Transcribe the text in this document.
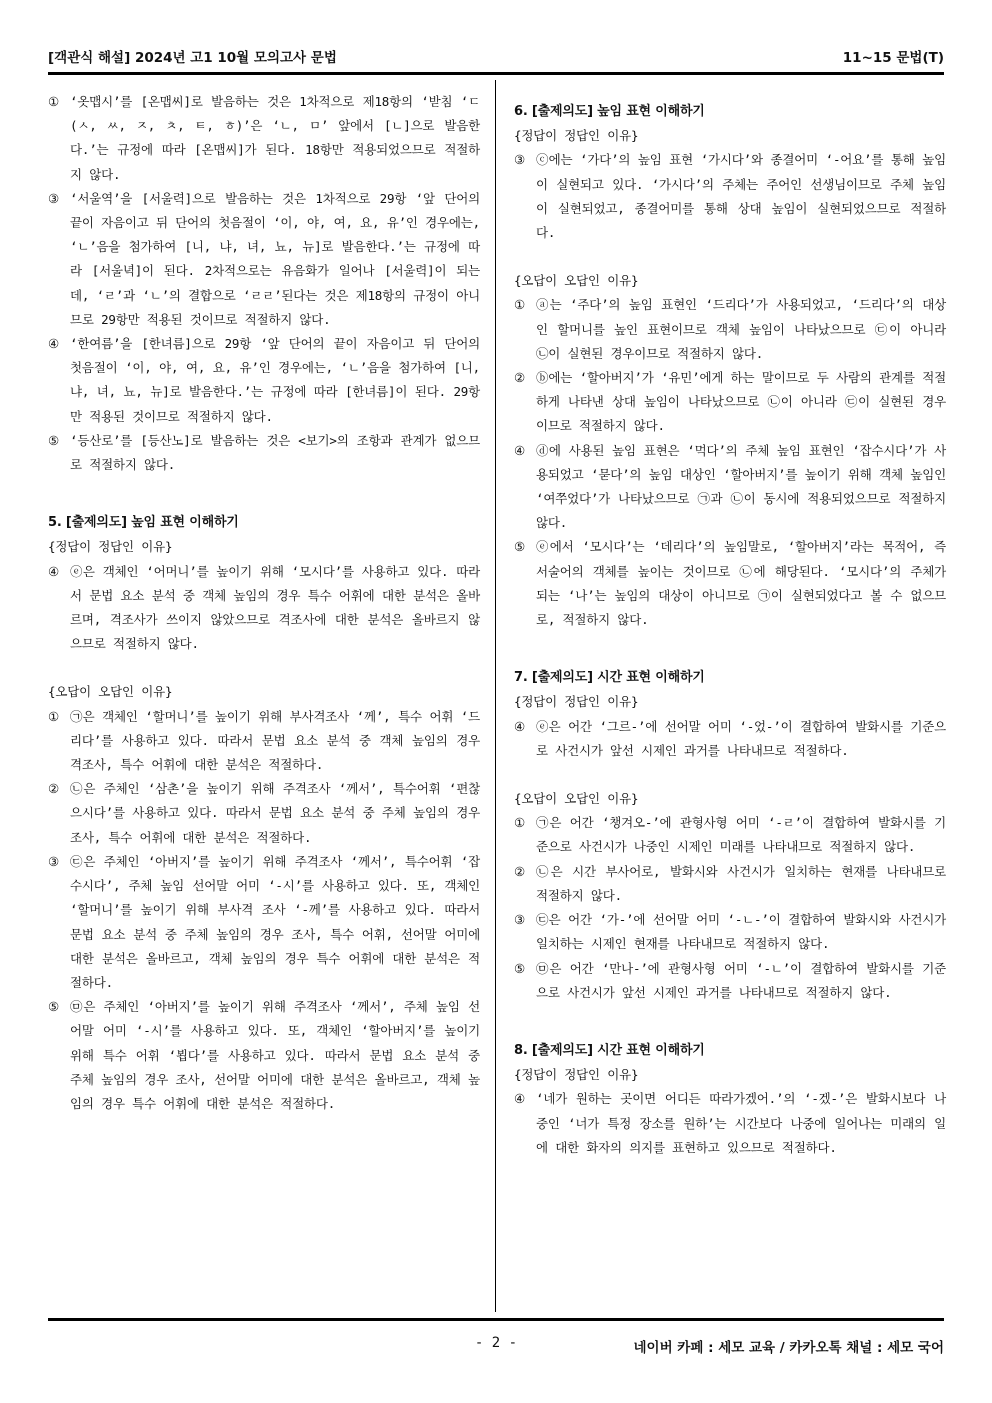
[객관식 해설] 2024년 고1 10월 모의고사 문법	11~15 문법(T)
① ‘옷맵시’를 [온맵씨]로 발음하는 것은 1차적으로 제18항의 ‘받침 ‘ㄷ(ㅅ, ㅆ, ㅈ, ㅊ, ㅌ, ㅎ)’은 ‘ㄴ, ㅁ’ 앞에서 [ㄴ]으로 발음한다.’는 규정에 따라 [온맵씨]가 된다. 18항만 적용되었으므로 적절하지 않다.
③ ‘서울역’을 [서울력]으로 발음하는 것은 1차적으로 29항 ‘앞 단어의 끝이 자음이고 뒤 단어의 첫음절이 ‘이, 야, 여, 요, 유’인 경우에는, ‘ㄴ’음을 첨가하여 [니, 냐, 녀, 뇨, 뉴]로 발음한다.’는 규정에 따라 [서울녁]이 된다. 2차적으로는 유음화가 일어나 [서울력]이 되는데, ‘ㄹ’과 ‘ㄴ’의 결합으로 ‘ㄹㄹ’된다는 것은 제18항의 규정이 아니므로 29항만 적용된 것이므로 적절하지 않다.
④ ‘한여름’을 [한녀름]으로 29항 ‘앞 단어의 끝이 자음이고 뒤 단어의 첫음절이 ‘이, 야, 여, 요, 유’인 경우에는, ‘ㄴ’음을 첨가하여 [니, 냐, 녀, 뇨, 뉴]로 발음한다.’는 규정에 따라 [한녀름]이 된다. 29항만 적용된 것이므로 적절하지 않다.
⑤ ‘등산로’를 [등산노]로 발음하는 것은 <보기>의 조항과 관계가 없으므로 적절하지 않다.
5. [출제의도] 높임 표현 이해하기
{정답이 정답인 이유}
④ ⓔ은 객체인 ‘어머니’를 높이기 위해 ‘모시다’를 사용하고 있다. 따라서 문법 요소 분석 중 객체 높임의 경우 특수 어휘에 대한 분석은 올바르며, 격조사가 쓰이지 않았으므로 격조사에 대한 분석은 올바르지 않으므로 적절하지 않다.
{오답이 오답인 이유}
① ㉠은 객체인 ‘할머니’를 높이기 위해 부사격조사 ‘께’, 특수 어휘 ‘드리다’를 사용하고 있다. 따라서 문법 요소 분석 중 객체 높임의 경우 격조사, 특수 어휘에 대한 분석은 적절하다.
② ㉡은 주체인 ‘삼촌’을 높이기 위해 주격조사 ‘께서’, 특수어휘 ‘편찮으시다’를 사용하고 있다. 따라서 문법 요소 분석 중 주체 높임의 경우 조사, 특수 어휘에 대한 분석은 적절하다.
③ ㉢은 주체인 ‘아버지’를 높이기 위해 주격조사 ‘께서’, 특수어휘 ‘잡수시다’, 주체 높임 선어말 어미 ‘-시’를 사용하고 있다. 또, 객체인 ‘할머니’를 높이기 위해 부사격 조사 ‘-께’를 사용하고 있다. 따라서 문법 요소 분석 중 주체 높임의 경우 조사, 특수 어휘, 선어말 어미에 대한 분석은 올바르고, 객체 높임의 경우 특수 어휘에 대한 분석은 적절하다.
⑤ ㉤은 주체인 ‘아버지’를 높이기 위해 주격조사 ‘께서’, 주체 높임 선어말 어미 ‘-시’를 사용하고 있다. 또, 객체인 ‘할아버지’를 높이기 위해 특수 어휘 ‘뵙다’를 사용하고 있다. 따라서 문법 요소 분석 중 주체 높임의 경우 조사, 선어말 어미에 대한 분석은 올바르고, 객체 높임의 경우 특수 어휘에 대한 분석은 적절하다.
6. [출제의도] 높임 표현 이해하기
{정답이 정답인 이유}
③ ⓒ에는 ‘가다’의 높임 표현 ‘가시다’와 종결어미 ‘-어요’를 통해 높임이 실현되고 있다. ‘가시다’의 주체는 주어인 선생님이므로 주체 높임이 실현되었고, 종결어미를 통해 상대 높임이 실현되었으므로 적절하다.
{오답이 오답인 이유}
① ⓐ는 ‘주다’의 높임 표현인 ‘드리다’가 사용되었고, ‘드리다’의 대상인 할머니를 높인 표현이므로 객체 높임이 나타났으므로 ㉢이 아니라 ㉡이 실현된 경우이므로 적절하지 않다.
② ⓑ에는 ‘할아버지’가 ‘유민’에게 하는 말이므로 두 사람의 관계를 적절하게 나타낸 상대 높임이 나타났으므로 ㉡이 아니라 ㉢이 실현된 경우이므로 적절하지 않다.
④ ⓓ에 사용된 높임 표현은 ‘먹다’의 주체 높임 표현인 ‘잡수시다’가 사용되었고 ‘묻다’의 높임 대상인 ‘할아버지’를 높이기 위해 객체 높임인 ‘여쭈었다’가 나타났으므로 ㉠과 ㉡이 동시에 적용되었으므로 적절하지 않다.
⑤ ⓔ에서 ‘모시다’는 ‘데리다’의 높임말로, ‘할아버지’라는 목적어, 즉 서술어의 객체를 높이는 것이므로 ㉡에 해당된다. ‘모시다’의 주체가 되는 ‘나’는 높임의 대상이 아니므로 ㉠이 실현되었다고 볼 수 없으므로, 적절하지 않다.
7. [출제의도] 시간 표현 이해하기
{정답이 정답인 이유}
④ ⓔ은 어간 ‘그르-’에 선어말 어미 ‘-었-’이 결합하여 발화시를 기준으로 사건시가 앞선 시제인 과거를 나타내므로 적절하다.
{오답이 오답인 이유}
① ㉠은 어간 ‘챙겨오-’에 관형사형 어미 ‘-ㄹ’이 결합하여 발화시를 기준으로 사건시가 나중인 시제인 미래를 나타내므로 적절하지 않다.
② ㉡은 시간 부사어로, 발화시와 사건시가 일치하는 현재를 나타내므로 적절하지 않다.
③ ㉢은 어간 ‘가-’에 선어말 어미 ‘-ㄴ-’이 결합하여 발화시와 사건시가 일치하는 시제인 현재를 나타내므로 적절하지 않다.
⑤ ㉤은 어간 ‘만나-’에 관형사형 어미 ‘-ㄴ’이 결합하여 발화시를 기준으로 사건시가 앞선 시제인 과거를 나타내므로 적절하지 않다.
8. [출제의도] 시간 표현 이해하기
{정답이 정답인 이유}
④ ‘네가 원하는 곳이면 어디든 따라가겠어.’의 ‘-겠-’은 발화시보다 나중인 ‘너가 특정 장소를 원하’는 시간보다 나중에 일어나는 미래의 일에 대한 화자의 의지를 표현하고 있으므로 적절하다.
- 2 -	네이버 카페 : 세모 교육 / 카카오톡 채널 : 세모 국어
